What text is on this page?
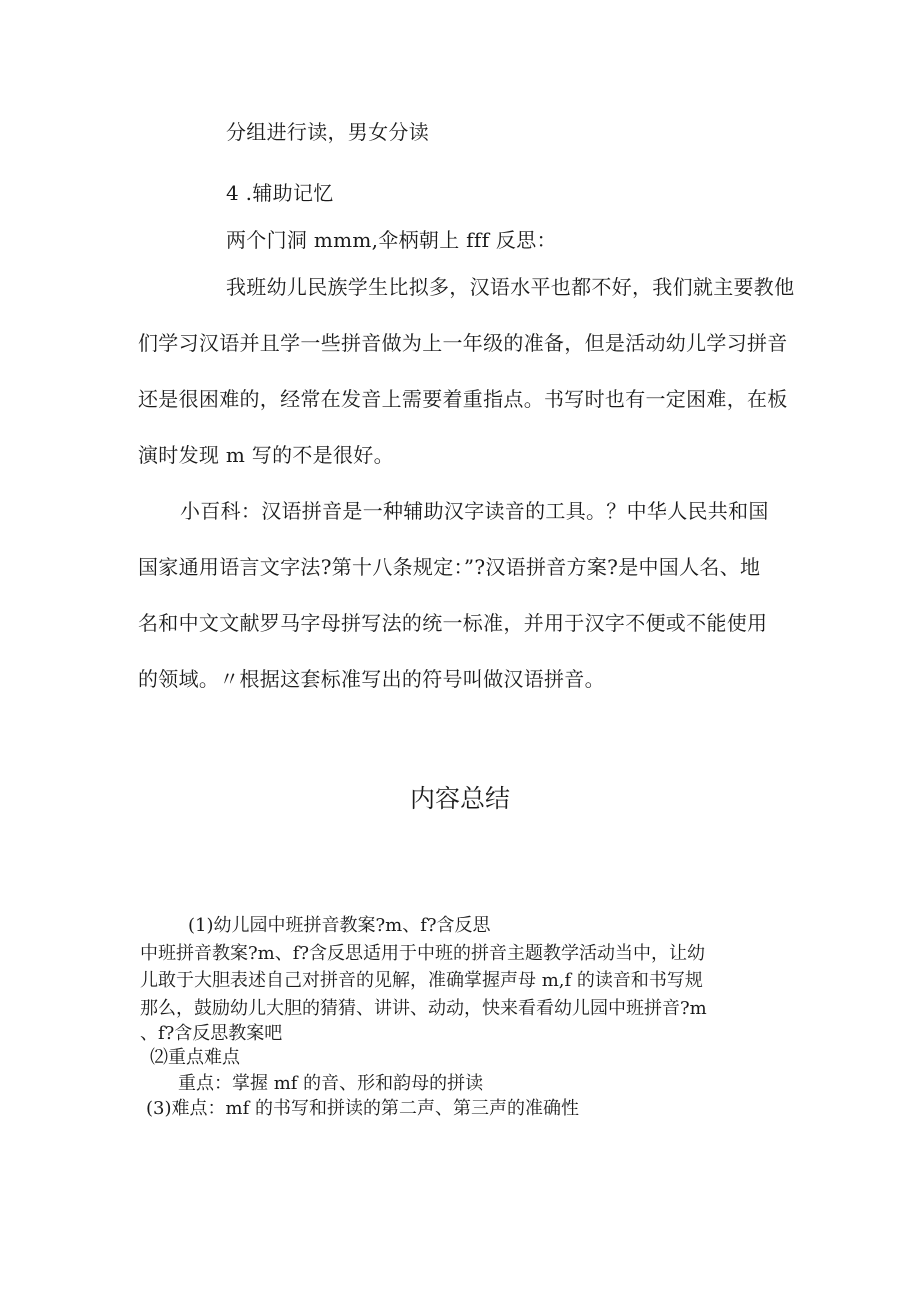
分组进行读，男女分读
4 .辅助记忆
两个门洞 mmm,伞柄朝上 fff 反思：
我班幼儿民族学生比拟多，汉语水平也都不好，我们就主要教他
们学习汉语并且学一些拼音做为上一年级的准备，但是活动幼儿学习拼音
还是很困难的，经常在发音上需要着重指点。书写时也有一定困难，在板
演时发现 m 写的不是很好。
小百科：汉语拼音是一种辅助汉字读音的工具。？中华人民共和国
国家通用语言文字法?第十八条规定：”?汉语拼音方案?是中国人名、地
名和中文文献罗马字母拼写法的统一标准，并用于汉字不便或不能使用
的领域。〃根据这套标准写出的符号叫做汉语拼音。
内容总结
(1)幼儿园中班拼音教案?m、f?含反思
中班拼音教案?m、f?含反思适用于中班的拼音主题教学活动当中，让幼
儿敢于大胆表述自己对拼音的见解，准确掌握声母 m,f 的读音和书写规
那么，鼓励幼儿大胆的猜猜、讲讲、动动，快来看看幼儿园中班拼音?m
、f?含反思教案吧
⑵重点难点
重点：掌握 mf 的音、形和韵母的拼读
(3)难点：mf 的书写和拼读的第二声、第三声的准确性
